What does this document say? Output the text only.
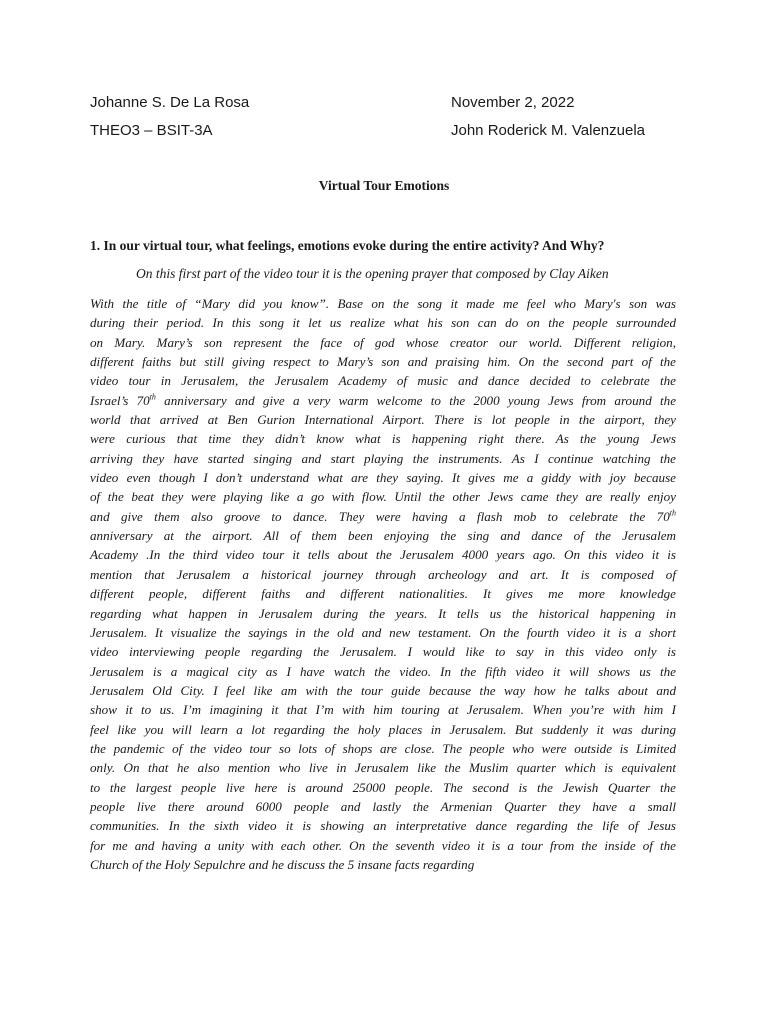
Johanne S. De La Rosa	November 2, 2022
THEO3 – BSIT-3A	John Roderick M. Valenzuela
Virtual Tour Emotions
1. In our virtual tour, what feelings, emotions evoke during the entire activity? And Why?
On this first part of the video tour it is the opening prayer that composed by Clay Aiken
With the title of “Mary did you know”. Base on the song it made me feel who Mary's son was
during their period. In this song it let us realize what his son can do on the people surrounded
on Mary. Mary’s son represent the face of god whose creator our world. Different religion,
different faiths but still giving respect to Mary’s son and praising him. On the second part of the
video tour in Jerusalem, the Jerusalem Academy of music and dance decided to celebrate the
Israel’s 70th anniversary and give a very warm welcome to the 2000 young Jews from around the
world that arrived at Ben Gurion International Airport. There is lot people in the airport, they
were curious that time they didn’t know what is happening right there. As the young Jews
arriving they have started singing and start playing the instruments. As I continue watching the
video even though I don’t understand what are they saying. It gives me a giddy with joy because
of the beat they were playing like a go with flow. Until the other Jews came they are really enjoy
and give them also groove to dance. They were having a flash mob to celebrate the 70th
anniversary at the airport. All of them been enjoying the sing and dance of the Jerusalem
Academy .In the third video tour it tells about the Jerusalem 4000 years ago. On this video it is
mention that Jerusalem a historical journey through archeology and art. It is composed of
different people, different faiths and different nationalities. It gives me more knowledge
regarding what happen in Jerusalem during the years. It tells us the historical happening in
Jerusalem. It visualize the sayings in the old and new testament. On the fourth video it is a short
video interviewing people regarding the Jerusalem. I would like to say in this video only is
Jerusalem is a magical city as I have watch the video. In the fifth video it will shows us the
Jerusalem Old City. I feel like am with the tour guide because the way how he talks about and
show it to us. I’m imagining it that I’m with him touring at Jerusalem. When you’re with him I
feel like you will learn a lot regarding the holy places in Jerusalem. But suddenly it was during
the pandemic of the video tour so lots of shops are close. The people who were outside is Limited
only. On that he also mention who live in Jerusalem like the Muslim quarter which is equivalent
to the largest people live here is around 25000 people. The second is the Jewish Quarter the
people live there around 6000 people and lastly the Armenian Quarter they have a small
communities. In the sixth video it is showing an interpretative dance regarding the life of Jesus
for me and having a unity with each other. On the seventh video it is a tour from the inside of the
Church of the Holy Sepulchre and he discuss the 5 insane facts regarding
